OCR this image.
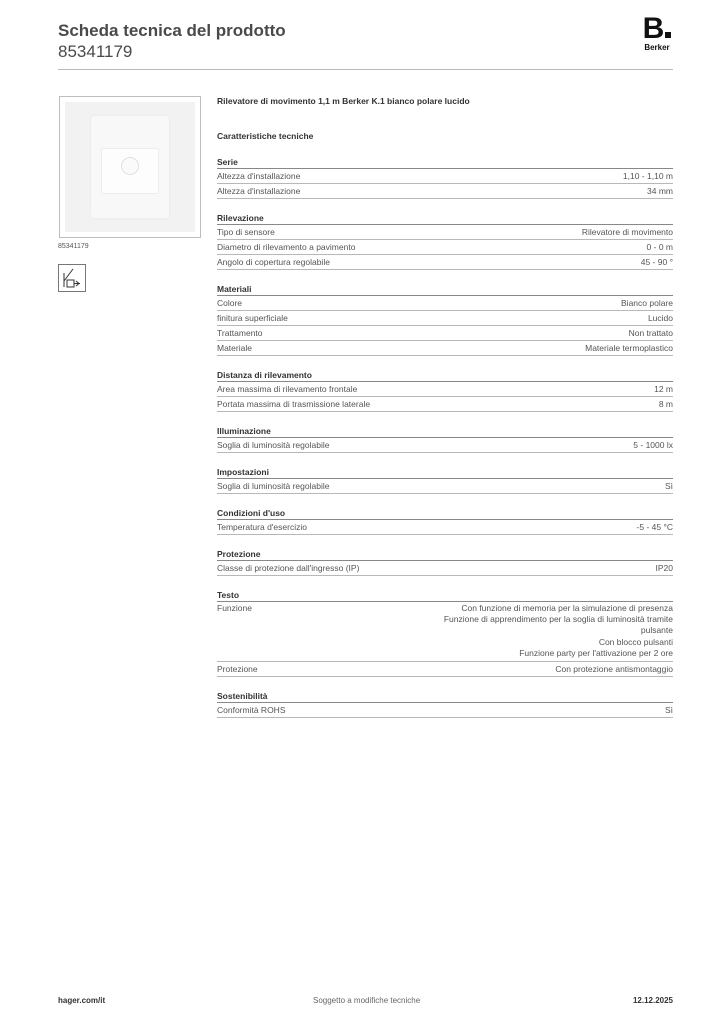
Scheda tecnica del prodotto
85341179
B
Berker
85341179
Rilevatore di movimento 1,1 m Berker K.1 bianco polare lucido
Caratteristiche tecniche
Serie
Altezza d'installazione	1,10 - 1,10 m
Altezza d'installazione	34 mm
Rilevazione
Tipo di sensore	Rilevatore di movimento
Diametro di rilevamento a pavimento	0 - 0 m
Angolo di copertura regolabile	45 - 90 °
Materiali
Colore	Bianco polare
finitura superficiale	Lucido
Trattamento	Non trattato
Materiale	Materiale termoplastico
Distanza di rilevamento
Area massima di rilevamento frontale	12 m
Portata massima di trasmissione laterale	8 m
Illuminazione
Soglia di luminosità regolabile	5 - 1000 lx
Impostazioni
Soglia di luminosità regolabile	Sì
Condizioni d'uso
Temperatura d'esercizio	-5 - 45 °C
Protezione
Classe di protezione dall'ingresso (IP)	IP20
Testo
Funzione	Con funzione di memoria per la simulazione di presenza
Funzione di apprendimento per la soglia di luminosità tramite
pulsante
Con blocco pulsanti
Funzione party per l'attivazione per 2 ore
Protezione	Con protezione antismontaggio
Sostenibilità
Conformità ROHS	Sì
hager.com/it	Soggetto a modifiche tecniche	12.12.2025
